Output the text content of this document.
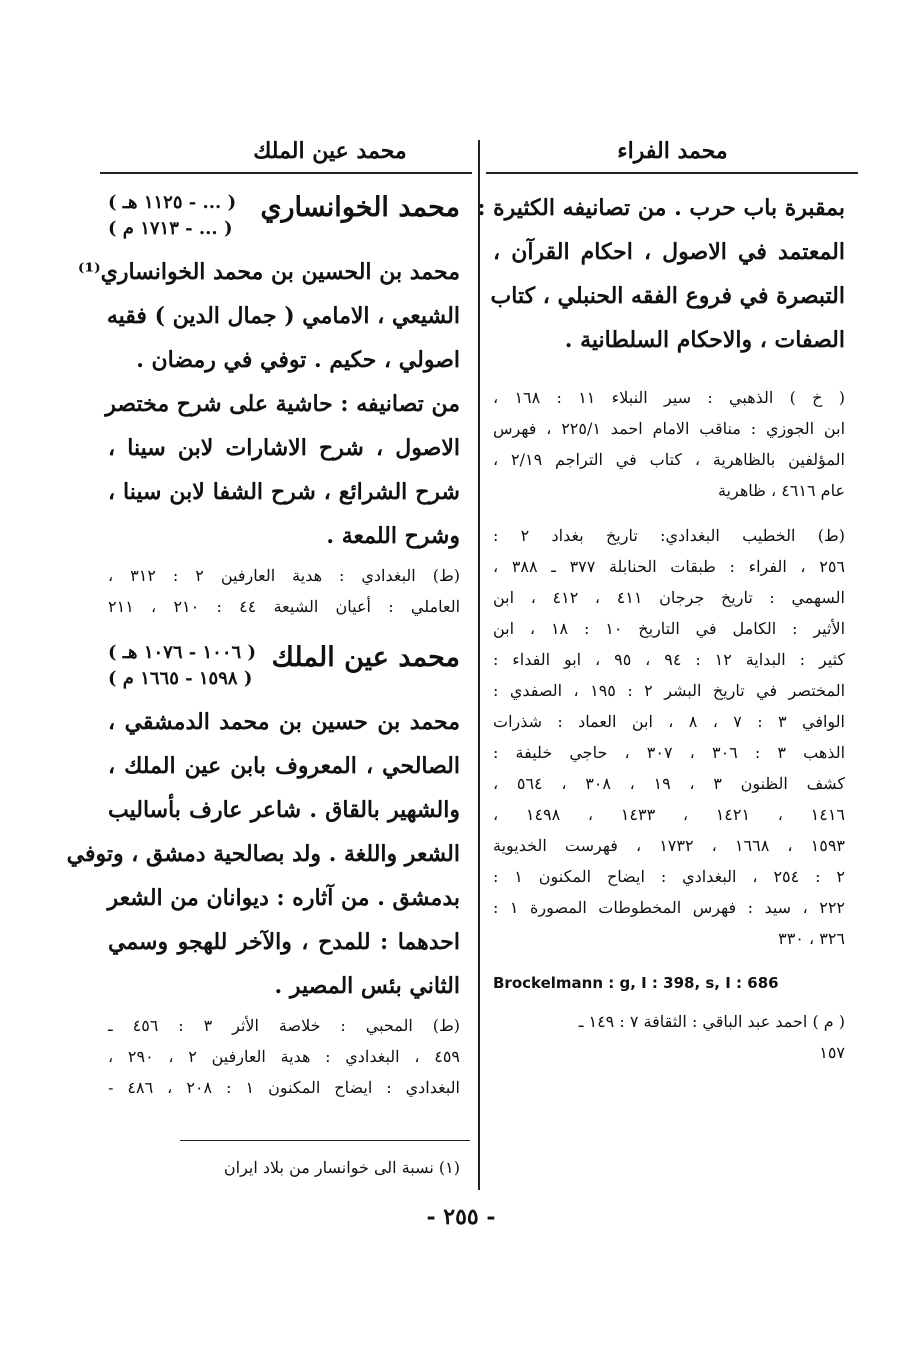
محمد عين الملك	محمد الفراء
بمقبرة باب حرب . من تصانيفه الكثيرة :
المعتمد في الاصول ، احكام القرآن ،
التبصرة في فروع الفقه الحنبلي ، كتاب
الصفات ، والاحكام السلطانية .
( خ ) الذهبي : سير النبلاء ١١ : ١٦٨ ،
ابن الجوزي : مناقب الامام احمد ٢٢٥/١ ، فهرس
المؤلفين بالظاهرية ، كتاب في التراجم ٢/١٩ ،
عام ٤٦١٦ ، ظاهرية
(ط) الخطيب البغدادي: تاريخ بغداد ٢ :
٢٥٦ ، الفراء : طبقات الحنابلة ٣٧٧ ـ ٣٨٨ ،
السهمي : تاريخ جرجان ٤١١ ، ٤١٢ ، ابن
الأثير : الكامل في التاريخ ١٠ : ١٨ ، ابن
كثير : البداية ١٢ : ٩٤ ، ٩٥ ، ابو الفداء :
المختصر في تاريخ البشر ٢ : ١٩٥ ، الصفدي :
الوافي ٣ : ٧ ، ٨ ، ابن العماد : شذرات
الذهب ٣ : ٣٠٦ ، ٣٠٧ ، حاجي خليفة :
كشف الظنون ٣ ، ١٩ ، ٣٠٨ ، ٥٦٤ ،
١٤١٦ ، ١٤٢١ ، ١٤٣٣ ، ١٤٩٨ ،
١٥٩٣ ، ١٦٦٨ ، ١٧٣٢ ، فهرست الخديوية
٢ : ٢٥٤ ، البغدادي : ايضاح المكنون ١ :
٢٢٢ ، سيد : فهرس المخطوطات المصورة ١ :
٣٢٦ ، ٣٣٠
Brockelmann : g, I : 398, s, I : 686
( م ) احمد عبد الباقي : الثقافة ٧ : ١٤٩ ـ
١٥٧
محمد الخوانساري
( ... - ١١٢٥ هـ )
( ... - ١٧١٣ م )
محمد بن الحسين بن محمد الخوانساري⁽¹⁾
الشيعي ، الامامي ( جمال الدين ) فقيه
اصولي ، حكيم . توفي في رمضان .
من تصانيفه : حاشية على شرح مختصر
الاصول ، شرح الاشارات لابن سينا ،
شرح الشرائع ، شرح الشفا لابن سينا ،
وشرح اللمعة .
(ط) البغدادي : هدية العارفين ٢ : ٣١٢ ،
العاملي : أعيان الشيعة ٤٤ : ٢١٠ ، ٢١١
محمد عين الملك
( ١٠٠٦ - ١٠٧٦ هـ )
( ١٥٩٨ - ١٦٦٥ م )
محمد بن حسين بن محمد الدمشقي ،
الصالحي ، المعروف بابن عين الملك ،
والشهير بالقاق . شاعر عارف بأساليب
الشعر واللغة . ولد بصالحية دمشق ، وتوفي
بدمشق . من آثاره : ديوانان من الشعر
احدهما : للمدح ، والآخر للهجو وسمي
الثاني بئس المصير .
(ط) المحبي : خلاصة الأثر ٣ : ٤٥٦ ـ
٤٥٩ ، البغدادي : هدية العارفين ٢ ، ٢٩٠ ،
البغدادي : ايضاح المكنون ١ : ٢٠٨ ، ٤٨٦ -
(١) نسبة الى خوانسار من بلاد ايران
- ٢٥٥ -
